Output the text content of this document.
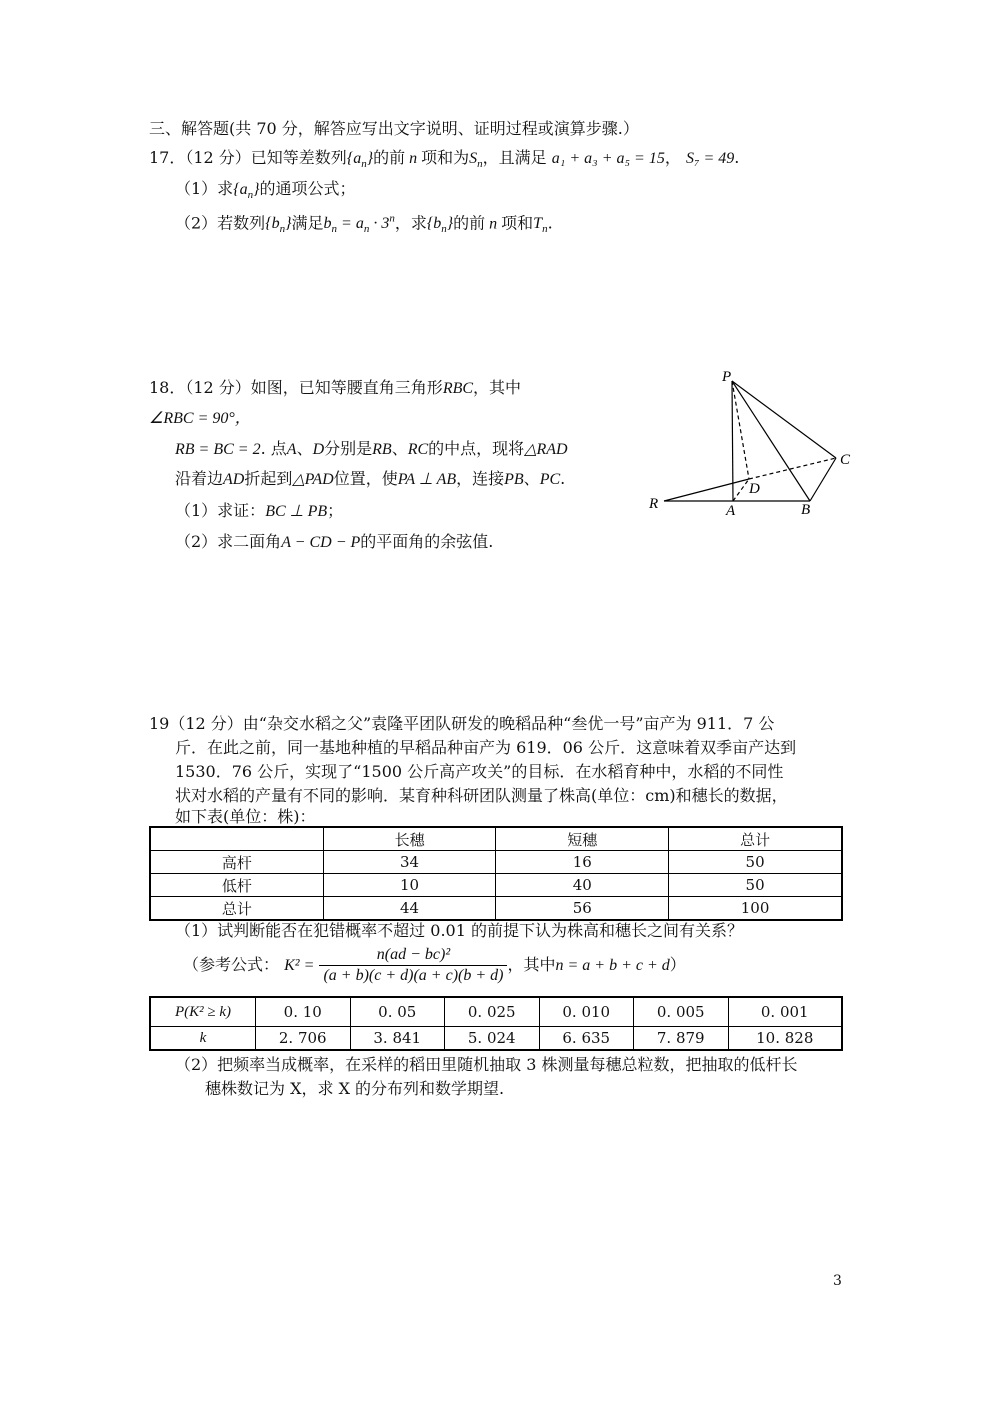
三、解答题(共 70 分，解答应写出文字说明、证明过程或演算步骤.）
17．（12 分）已知等差数列$\{a_n\}$的前 n 项和为$S_n$，且满足 a₁ + a₃ + a₅ = 15， S₇ = 49.
（1）求$\{a_n\}$的通项公式；
（2）若数列$\{b_n\}$满足$b_n = a_n \cdot 3^n$，求$\{b_n\}$的前 n 项和$T_n$.
18．（12 分）如图，已知等腰直角三角形RBC，其中
∠RBC = 90°，
RB = BC = 2. 点A、D分别是RB、RC的中点，现将△RAD
沿着边AD折起到△PAD位置，使PA ⊥ AB，连接PB、PC.
（1）求证：BC ⊥ PB；
（2）求二面角A − CD − P的平面角的余弦值.
P
C
D
R	A	B
19（12 分）由“杂交水稻之父”袁隆平团队研发的晚稻品种“叁优一号”亩产为 911．7 公
斤．在此之前，同一基地种植的早稻品种亩产为 619．06 公斤．这意味着双季亩产达到
1530．76 公斤，实现了“1500 公斤高产攻关”的目标．在水稻育种中，水稻的不同性
状对水稻的产量有不同的影响．某育种科研团队测量了株高(单位：cm)和穗长的数据，
如下表(单位：株)：
	长穗	短穗	总计
高杆	34	16	50
低杆	10	40	50
总计	44	56	100
（1）试判断能否在犯错概率不超过 0.01 的前提下认为株高和穗长之间有关系？
（参考公式： $K^2 = \frac{\text{n(ad − bc)²}}{(a + b)(c + d)(a + c)(b + d)}$ ，其中n = a + b + c + d）
P(K² ≥ k)	0. 10	0. 05	0. 025	0. 010	0. 005	0. 001
k	2. 706	3. 841	5. 024	6. 635	7. 879	10. 828
（2）把频率当成概率，在采样的稻田里随机抽取 3 株测量每穗总粒数，把抽取的低杆长
穗株数记为 X，求 X 的分布列和数学期望.
3
